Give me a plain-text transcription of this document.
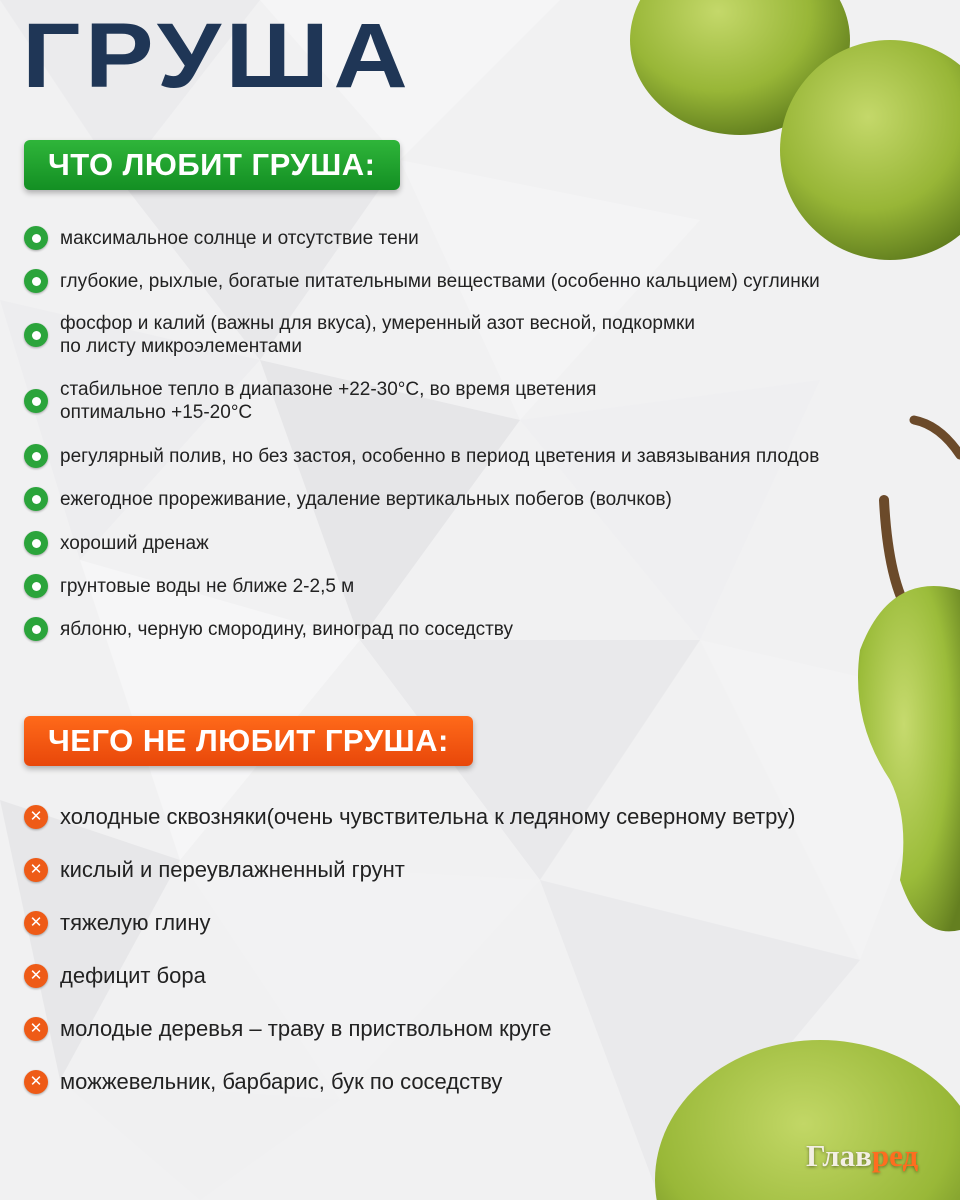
ГРУША
ЧТО ЛЮБИТ ГРУША:
максимальное солнце и отсутствие тени
глубокие, рыхлые, богатые питательными веществами (особенно кальцием) суглинки
фосфор и калий (важны для вкуса), умеренный азот весной, подкормки
по листу микроэлементами
стабильное тепло в диапазоне +22-30°С, во время цветения
оптимально +15-20°С
регулярный полив, но без застоя, особенно в период цветения и завязывания плодов
ежегодное прореживание, удаление вертикальных побегов (волчков)
хороший дренаж
грунтовые воды не ближе 2-2,5 м
яблоню, черную смородину, виноград по соседству
ЧЕГО НЕ ЛЮБИТ ГРУША:
✕ холодные сквозняки(очень чувствительна к ледяному северному ветру)
✕ кислый и переувлажненный грунт
✕ тяжелую глину
✕ дефицит бора
✕ молодые деревья – траву в приствольном круге
✕ можжевельник, барбарис, бук по соседству
Главред
